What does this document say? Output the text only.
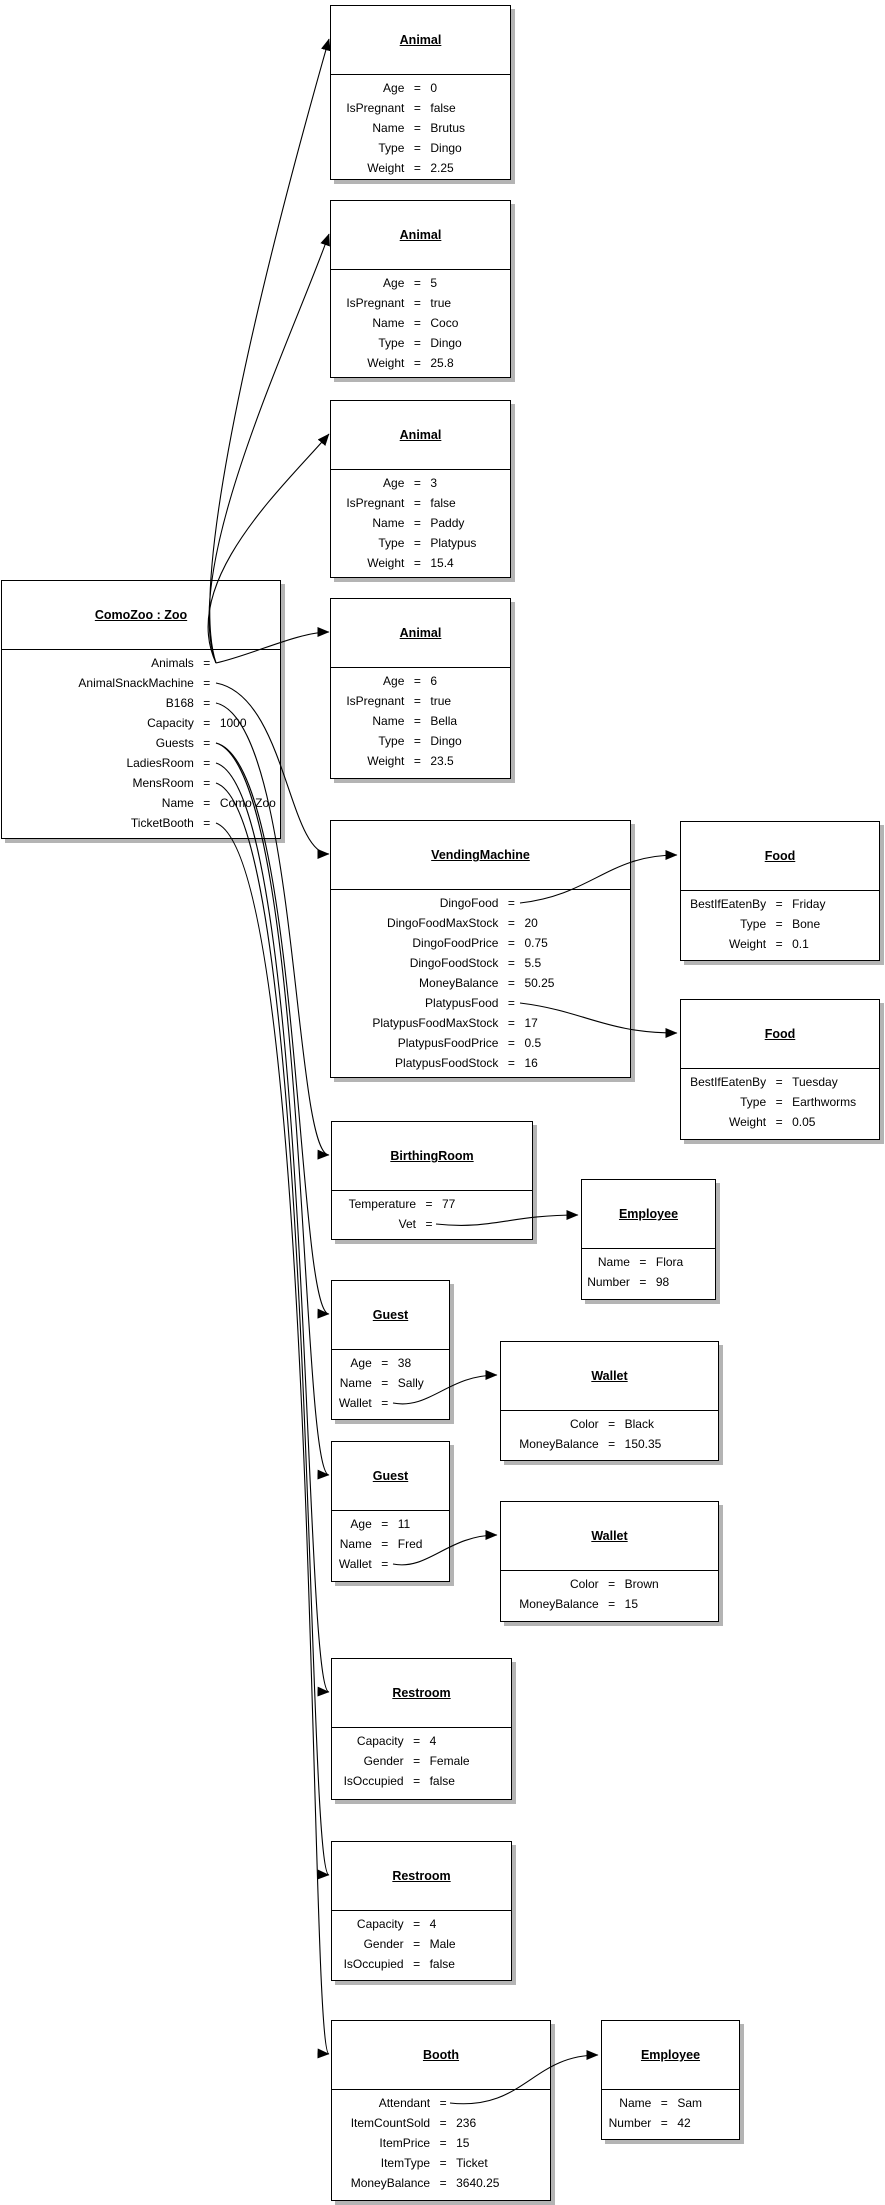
ComoZoo : Zoo
Animals =
AnimalSnackMachine =
B168 =
Capacity = 1000
Guests =
LadiesRoom =
MensRoom =
Name = Como Zoo
TicketBooth =
Animal
Age = 0
IsPregnant = false
Name = Brutus
Type = Dingo
Weight = 2.25
Animal
Age = 5
IsPregnant = true
Name = Coco
Type = Dingo
Weight = 25.8
Animal
Age = 3
IsPregnant = false
Name = Paddy
Type = Platypus
Weight = 15.4
Animal
Age = 6
IsPregnant = true
Name = Bella
Type = Dingo
Weight = 23.5
VendingMachine
DingoFood =
DingoFoodMaxStock = 20
DingoFoodPrice = 0.75
DingoFoodStock = 5.5
MoneyBalance = 50.25
PlatypusFood =
PlatypusFoodMaxStock = 17
PlatypusFoodPrice = 0.5
PlatypusFoodStock = 16
Food
BestIfEatenBy = Friday
Type = Bone
Weight = 0.1
Food
BestIfEatenBy = Tuesday
Type = Earthworms
Weight = 0.05
BirthingRoom
Temperature = 77
Vet =
Employee
Name = Flora
Number = 98
Guest
Age = 38
Name = Sally
Wallet =
Wallet
Color = Black
MoneyBalance = 150.35
Guest
Age = 11
Name = Fred
Wallet =
Wallet
Color = Brown
MoneyBalance = 15
Restroom
Capacity = 4
Gender = Female
IsOccupied = false
Restroom
Capacity = 4
Gender = Male
IsOccupied = false
Booth
Attendant =
ItemCountSold = 236
ItemPrice = 15
ItemType = Ticket
MoneyBalance = 3640.25
Employee
Name = Sam
Number = 42
